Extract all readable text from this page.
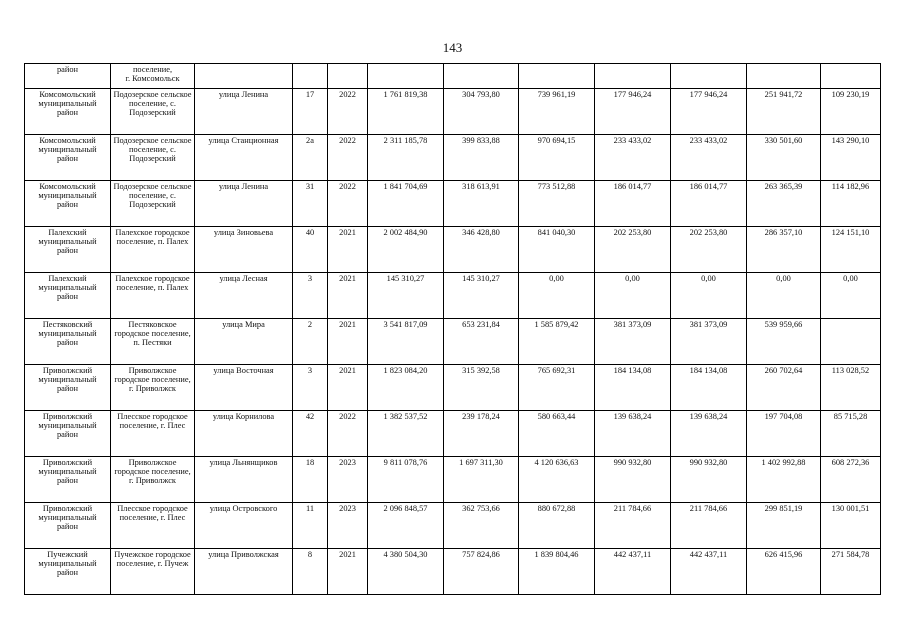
143
район	поселение,
г. Комсомольск										
Комсомольский муниципальный район	Подозерское сельское поселение, с. Подозерский	улица Ленина	17	2022	1 761 819,38	304 793,80	739 961,19	177 946,24	177 946,24	251 941,72	109 230,19
Комсомольский муниципальный район	Подозерское сельское поселение, с. Подозерский	улица Станционная	2а	2022	2 311 185,78	399 833,88	970 694,15	233 433,02	233 433,02	330 501,60	143 290,10
Комсомольский муниципальный район	Подозерское сельское поселение, с. Подозерский	улица Ленина	31	2022	1 841 704,69	318 613,91	773 512,88	186 014,77	186 014,77	263 365,39	114 182,96
Палехский муниципальный район	Палехское городское поселение, п. Палех	улица Зиновьева	40	2021	2 002 484,90	346 428,80	841 040,30	202 253,80	202 253,80	286 357,10	124 151,10
Палехский муниципальный район	Палехское городское поселение, п. Палех	улица Лесная	3	2021	145 310,27	145 310,27	0,00	0,00	0,00	0,00	0,00
Пестяковский муниципальный район	Пестяковское городское поселение, п. Пестяки	улица Мира	2	2021	3 541 817,09	653 231,84	1 585 879,42	381 373,09	381 373,09	539 959,66	
Приволжский муниципальный район	Приволжское городское поселение, г. Приволжск	улица Восточная	3	2021	1 823 084,20	315 392,58	765 692,31	184 134,08	184 134,08	260 702,64	113 028,52
Приволжский муниципальный район	Плесское городское поселение, г. Плес	улица Корнилова	42	2022	1 382 537,52	239 178,24	580 663,44	139 638,24	139 638,24	197 704,08	85 715,28
Приволжский муниципальный район	Приволжское городское поселение, г. Приволжск	улица Льнянщиков	18	2023	9 811 078,76	1 697 311,30	4 120 636,63	990 932,80	990 932,80	1 402 992,88	608 272,36
Приволжский муниципальный район	Плесское городское поселение, г. Плес	улица Островского	11	2023	2 096 848,57	362 753,66	880 672,88	211 784,66	211 784,66	299 851,19	130 001,51
Пучежский муниципальный район	Пучежское городское поселение, г. Пучеж	улица Приволжская	8	2021	4 380 504,30	757 824,86	1 839 804,46	442 437,11	442 437,11	626 415,96	271 584,78
